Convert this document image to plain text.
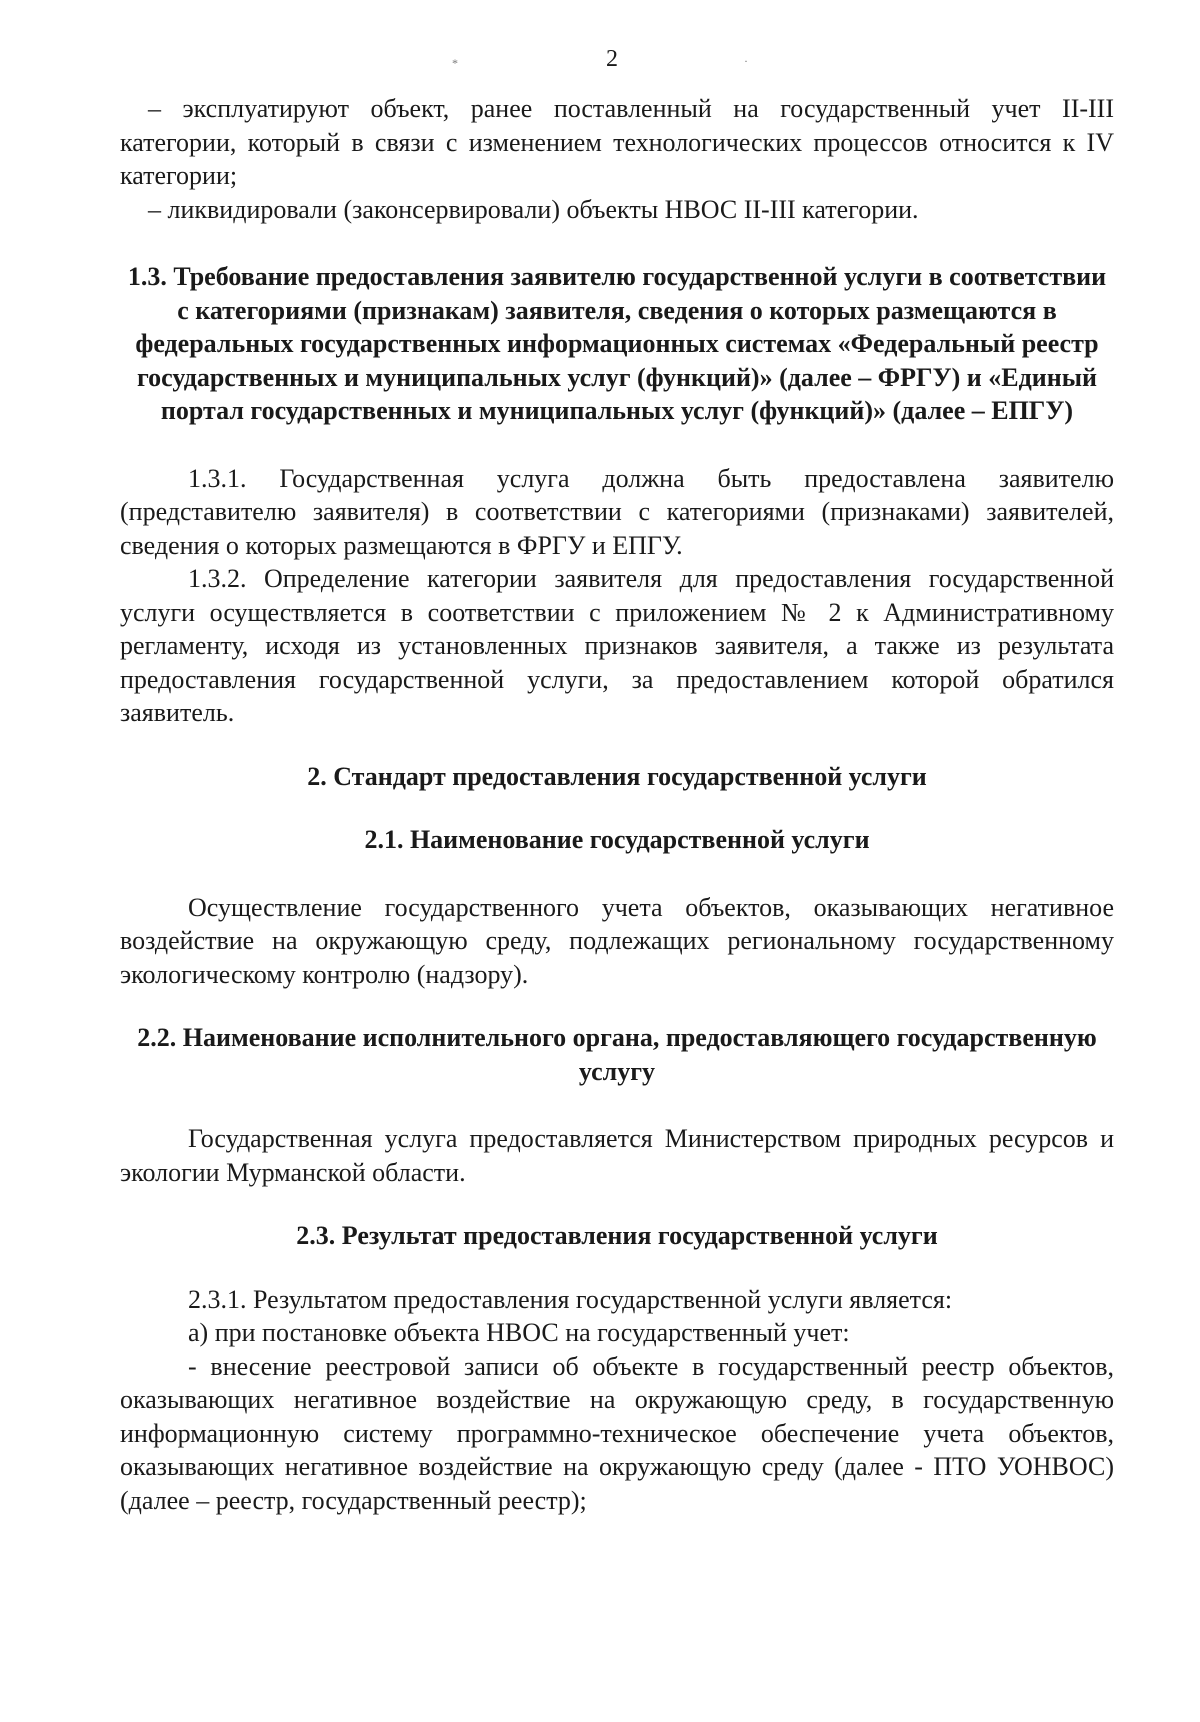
2
*	·

– эксплуатируют объект, ранее поставленный на государственный учет II-III категории, который в связи с изменением технологических процессов относится к IV категории;

– ликвидировали (законсервировали) объекты НВОС II-III категории.

1.3. Требование предоставления заявителю государственной услуги в соответствии с категориями (признакам) заявителя, сведения о которых размещаются в федеральных государственных информационных системах «Федеральный реестр государственных и муниципальных услуг (функций)» (далее – ФРГУ) и «Единый портал государственных и муниципальных услуг (функций)» (далее – ЕПГУ)

1.3.1. Государственная услуга должна быть предоставлена заявителю (представителю заявителя) в соответствии с категориями (признаками) заявителей, сведения о которых размещаются в ФРГУ и ЕПГУ.

1.3.2. Определение категории заявителя для предоставления государственной услуги осуществляется в соответствии с приложением № 2 к Административному регламенту, исходя из установленных признаков заявителя, а также из результата предоставления государственной услуги, за предоставлением которой обратился заявитель.

2. Стандарт предоставления государственной услуги

2.1. Наименование государственной услуги

Осуществление государственного учета объектов, оказывающих негативное воздействие на окружающую среду, подлежащих региональному государственному экологическому контролю (надзору).

2.2. Наименование исполнительного органа, предоставляющего государственную услугу

Государственная услуга предоставляется Министерством природных ресурсов и экологии Мурманской области.

2.3. Результат предоставления государственной услуги

2.3.1. Результатом предоставления государственной услуги является:

а) при постановке объекта НВОС на государственный учет:

- внесение реестровой записи об объекте в государственный реестр объектов, оказывающих негативное воздействие на окружающую среду, в государственную информационную систему программно-техническое обеспечение учета объектов, оказывающих негативное воздействие на окружающую среду (далее - ПТО УОНВОС) (далее – реестр, государственный реестр);
